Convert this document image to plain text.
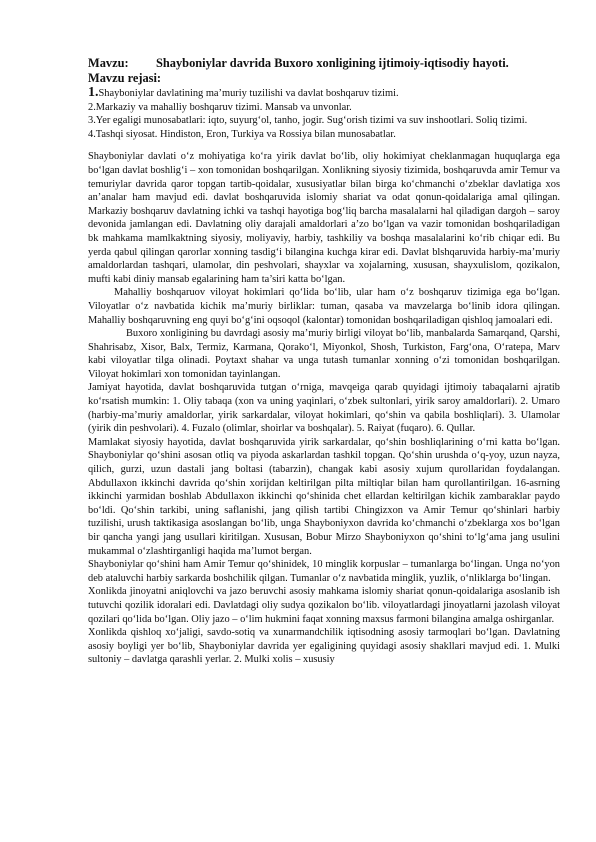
Mavzu:	Shayboniylar davrida Buxoro xonligining ijtimoiy-iqtisodiy hayoti.
Mavzu rejasi:
1.Shayboniylar davlatining ma’muriy tuzilishi va davlat boshqaruv tizimi.
2.Markaziy va mahalliy boshqaruv tizimi. Mansab va unvonlar.
3.Yer egaligi munosabatlari: iqto, suyurg‘ol, tanho, jogir. Sug‘orish tizimi va suv inshootlari. Soliq tizimi.
4.Tashqi siyosat. Hindiston, Eron, Turkiya va Rossiya bilan munosabatlar.

Shayboniylar davlati o‘z mohiyatiga ko‘ra yirik davlat bo‘lib, oliy hokimiyat cheklanmagan huquqlarga ega bo‘lgan davlat boshlig‘i – xon tomonidan boshqarilgan. Xonlikning siyosiy tizimida, boshqaruvda amir Temur va temuriylar davrida qaror topgan tartib-qoidalar, xususiyatlar bilan birga ko‘chmanchi o‘zbeklar davlatiga xos an’analar ham mavjud edi. davlat boshqaruvida islomiy shariat va odat qonun-qoidalariga amal qilingan. Markaziy boshqaruv davlatning ichki va tashqi hayotiga bog‘liq barcha masalalarni hal qiladigan dargoh – saroy devonida jamlangan edi. Davlatning oliy darajali amaldorlari a’zo bo‘lgan va vazir tomonidan boshqariladigan bk mahkama mamlkaktning siyosiy, moliyaviy, harbiy, tashkiliy va boshqa masalalarini ko‘rib chiqar edi. Bu yerda qabul qilingan qarorlar xonning tasdig‘i bilangina kuchga kirar edi. Davlat blshqaruvida harbiy-ma’muriy amaldorlardan tashqari, ulamolar, din peshvolari, shayxlar va xojalarning, xususan, shayxulislom, qozikalon, mufti kabi diniy mansab egalarining ham ta’siri katta bo‘lgan.

Mahalliy boshqaruov viloyat hokimlari qo‘lida bo‘lib, ular ham o‘z boshqaruv tizimiga ega bo‘lgan. Viloyatlar o‘z navbatida kichik ma’muriy birliklar: tuman, qasaba va mavzelarga bo‘linib idora qilingan. Mahalliy boshqaruvning eng quyi bo‘g‘ini oqsoqol (kalontar) tomonidan boshqariladigan qishloq jamoalari edi.

Buxoro xonligining bu davrdagi asosiy ma’muriy birligi viloyat bo‘lib, manbalarda Samarqand, Qarshi, Shahrisabz, Xisor, Balx, Termiz, Karmana, Qorako‘l, Miyonkol, Shosh, Turkiston, Farg‘ona, O‘ratepa, Marv kabi viloyatlar tilga olinadi. Poytaxt shahar va unga tutash tumanlar xonning o‘zi tomonidan boshqarilgan. Viloyat hokimlari xon tomonidan tayinlangan.

Jamiyat hayotida, davlat boshqaruvida tutgan o‘rniga, mavqeiga qarab quyidagi ijtimoiy tabaqalarni ajratib ko‘rsatish mumkin: 1. Oliy tabaqa (xon va uning yaqinlari, o‘zbek sultonlari, yirik saroy amaldorlari). 2. Umaro (harbiy-ma’muriy amaldorlar, yirik sarkardalar, viloyat hokimlari, qo‘shin va qabila boshliqlari). 3. Ulamolar (yirik din peshvolari). 4. Fuzalo (olimlar, shoirlar va boshqalar). 5. Raiyat (fuqaro). 6. Qullar.

Mamlakat siyosiy hayotida, davlat boshqaruvida yirik sarkardalar, qo‘shin boshliqlarining o‘rni katta bo‘lgan. Shayboniylar qo‘shini asosan otliq va piyoda askarlardan tashkil topgan. Qo‘shin urushda o‘q-yoy, uzun nayza, qilich, gurzi, uzun dastali jang boltasi (tabarzin), changak kabi asosiy xujum qurollaridan foydalangan. Abdullaxon ikkinchi davrida qo‘shin xorijdan keltirilgan pilta miltiqlar bilan ham qurollantirilgan. 16-asrning ikkinchi yarmidan boshlab Abdullaxon ikkinchi qo‘shinida chet ellardan keltirilgan kichik zambaraklar paydo bo‘ldi. Qo‘shin tarkibi, uning saflanishi, jang qilish tartibi Chingizxon va Amir Temur qo‘shinlari harbiy tuzilishi, urush taktikasiga asoslangan bo‘lib, unga Shayboniyxon davrida ko‘chmanchi o‘zbeklarga xos bo‘lgan bir qancha yangi jang usullari kiritilgan. Xususan, Bobur Mirzo Shayboniyxon qo‘shini to‘lg‘ama jang usulini mukammal o‘zlashtirganligi haqida ma’lumot bergan.

Shayboniylar qo‘shini ham Amir Temur qo‘shinidek, 10 minglik korpuslar – tumanlarga bo‘lingan. Unga no‘yon deb ataluvchi harbiy sarkarda boshchilik qilgan. Tumanlar o‘z navbatida minglik, yuzlik, o‘nliklarga bo‘lingan.

Xonlikda jinoyatni aniqlovchi va jazo beruvchi asosiy mahkama islomiy shariat qonun-qoidalariga asoslanib ish tutuvchi qozilik idoralari edi. Davlatdagi oliy sudya qozikalon bo‘lib. viloyatlardagi jinoyatlarni jazolash viloyat qozilari qo‘lida bo‘lgan. Oliy jazo – o‘lim hukmini faqat xonning maxsus farmoni bilangina amalga oshirganlar.

Xonlikda qishloq xo‘jaligi, savdo-sotiq va xunarmandchilik iqtisodning asosiy tarmoqlari bo‘lgan. Davlatning asosiy boyligi yer bo‘lib, Shayboniylar davrida yer egaligining quyidagi asosiy shakllari mavjud edi. 1. Mulki sultoniy – davlatga qarashli yerlar. 2. Mulki xolis – xususiy
